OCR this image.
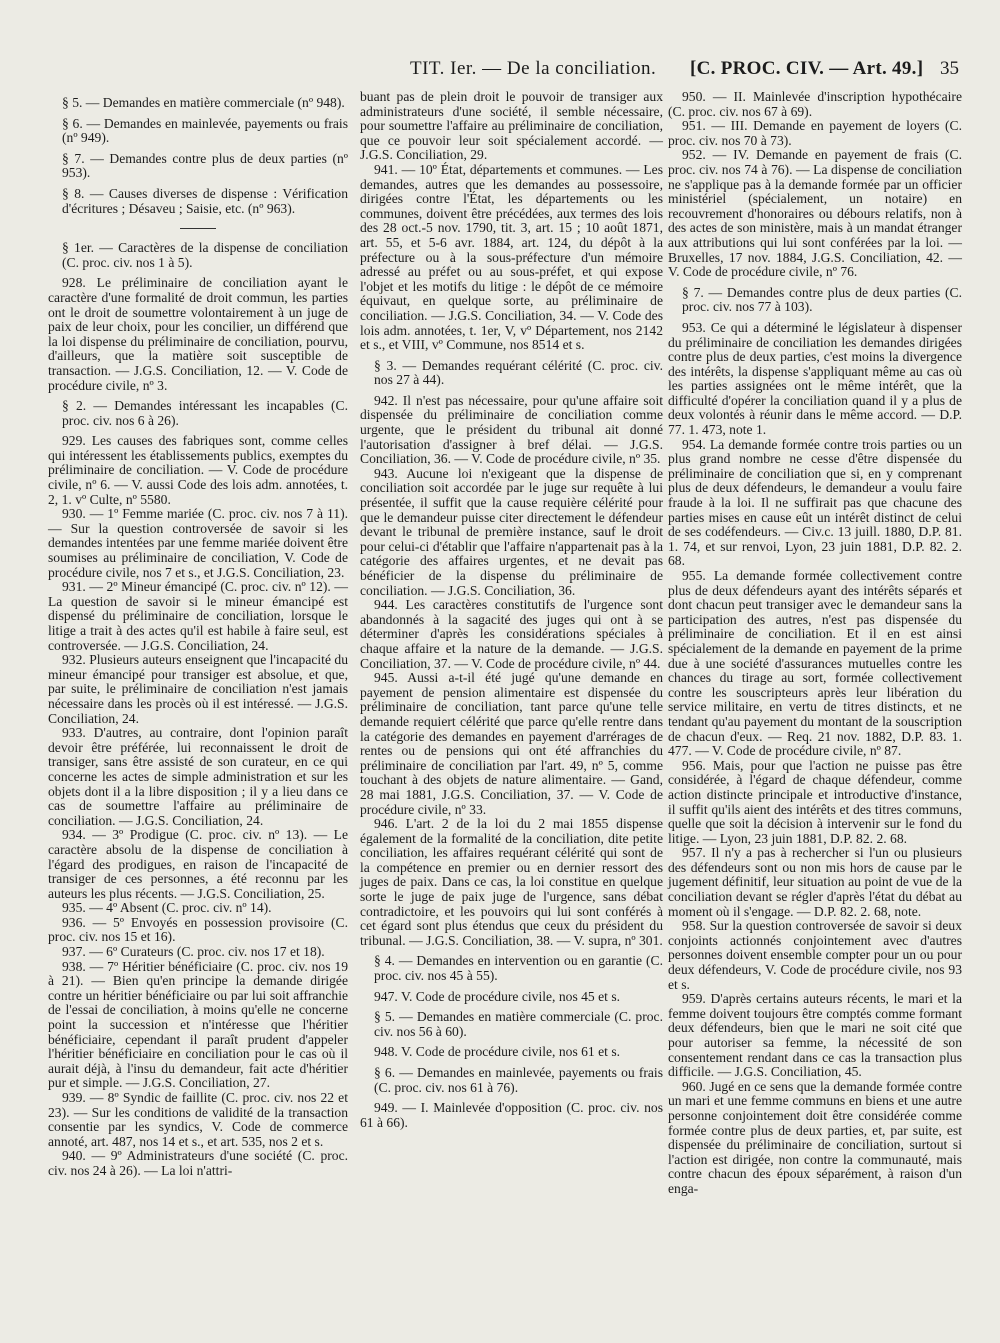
TIT. Ier. — De la conciliation. [C. PROC. CIV. — Art. 49.] 35

§ 5. — Demandes en matière commerciale (nº 948).

§ 6. — Demandes en mainlevée, payements ou frais (nº 949).

§ 7. — Demandes contre plus de deux parties (nº 953).

§ 8. — Causes diverses de dispense : Vérification d'écritures ; Désaveu ; Saisie, etc. (nº 963).

§ 1er. — Caractères de la dispense de conciliation (C. proc. civ. nos 1 à 5).

928. Le préliminaire de conciliation ayant le caractère d'une formalité de droit commun, les parties ont le droit de soumettre volontairement à un juge de paix de leur choix, pour les concilier, un différend que la loi dispense du préliminaire de conciliation, pourvu, d'ailleurs, que la matière soit susceptible de transaction. — J.G.S. Conciliation, 12. — V. Code de procédure civile, nº 3.

§ 2. — Demandes intéressant les incapables (C. proc. civ. nos 6 à 26).

929. Les causes des fabriques sont, comme celles qui intéressent les établissements publics, exemptes du préliminaire de conciliation. — V. Code de procédure civile, nº 6. — V. aussi Code des lois adm. annotées, t. 2, 1. vº Culte, nº 5580.

930. — 1º Femme mariée (C. proc. civ. nos 7 à 11). — Sur la question controversée de savoir si les demandes intentées par une femme mariée doivent être soumises au préliminaire de conciliation, V. Code de procédure civile, nos 7 et s., et J.G.S. Conciliation, 23.

931. — 2º Mineur émancipé (C. proc. civ. nº 12). — La question de savoir si le mineur émancipé est dispensé du préliminaire de conciliation, lorsque le litige a trait à des actes qu'il est habile à faire seul, est controversée. — J.G.S. Conciliation, 24.

932. Plusieurs auteurs enseignent que l'incapacité du mineur émancipé pour transiger est absolue, et que, par suite, le préliminaire de conciliation n'est jamais nécessaire dans les procès où il est intéressé. — J.G.S. Conciliation, 24.

933. D'autres, au contraire, dont l'opinion paraît devoir être préférée, lui reconnaissent le droit de transiger, sans être assisté de son curateur, en ce qui concerne les actes de simple administration et sur les objets dont il a la libre disposition ; il y a lieu dans ce cas de soumettre l'affaire au préliminaire de conciliation. — J.G.S. Conciliation, 24.

934. — 3º Prodigue (C. proc. civ. nº 13). — Le caractère absolu de la dispense de conciliation à l'égard des prodigues, en raison de l'incapacité de transiger de ces personnes, a été reconnu par les auteurs les plus récents. — J.G.S. Conciliation, 25.

935. — 4º Absent (C. proc. civ. nº 14).

936. — 5º Envoyés en possession provisoire (C. proc. civ. nos 15 et 16).

937. — 6º Curateurs (C. proc. civ. nos 17 et 18).

938. — 7º Héritier bénéficiaire (C. proc. civ. nos 19 à 21). — Bien qu'en principe la demande dirigée contre un héritier bénéficiaire ou par lui soit affranchie de l'essai de conciliation, à moins qu'elle ne concerne point la succession et n'intéresse que l'héritier bénéficiaire, cependant il paraît prudent d'appeler l'héritier bénéficiaire en conciliation pour le cas où il aurait déjà, à l'insu du demandeur, fait acte d'héritier pur et simple. — J.G.S. Conciliation, 27.

939. — 8º Syndic de faillite (C. proc. civ. nos 22 et 23). — Sur les conditions de validité de la transaction consentie par les syndics, V. Code de commerce annoté, art. 487, nos 14 et s., et art. 535, nos 2 et s.

940. — 9º Administrateurs d'une société (C. proc. civ. nos 24 à 26). — La loi n'attri-

buant pas de plein droit le pouvoir de transiger aux administrateurs d'une société, il semble nécessaire, pour soumettre l'affaire au préliminaire de conciliation, que ce pouvoir leur soit spécialement accordé. — J.G.S. Conciliation, 29.

941. — 10º État, départements et communes. — Les demandes, autres que les demandes au possessoire, dirigées contre l'État, les départements ou les communes, doivent être précédées, aux termes des lois des 28 oct.-5 nov. 1790, tit. 3, art. 15 ; 10 août 1871, art. 55, et 5-6 avr. 1884, art. 124, du dépôt à la préfecture ou à la sous-préfecture d'un mémoire adressé au préfet ou au sous-préfet, et qui expose l'objet et les motifs du litige : le dépôt de ce mémoire équivaut, en quelque sorte, au préliminaire de conciliation. — J.G.S. Conciliation, 34. — V. Code des lois adm. annotées, t. 1er, V, vº Département, nos 2142 et s., et VIII, vº Commune, nos 8514 et s.

§ 3. — Demandes requérant célérité (C. proc. civ. nos 27 à 44).

942. Il n'est pas nécessaire, pour qu'une affaire soit dispensée du préliminaire de conciliation comme urgente, que le président du tribunal ait donné l'autorisation d'assigner à bref délai. — J.G.S. Conciliation, 36. — V. Code de procédure civile, nº 35.

943. Aucune loi n'exigeant que la dispense de conciliation soit accordée par le juge sur requête à lui présentée, il suffit que la cause requière célérité pour que le demandeur puisse citer directement le défendeur devant le tribunal de première instance, sauf le droit pour celui-ci d'établir que l'affaire n'appartenait pas à la catégorie des affaires urgentes, et ne devait pas bénéficier de la dispense du préliminaire de conciliation. — J.G.S. Conciliation, 36.

944. Les caractères constitutifs de l'urgence sont abandonnés à la sagacité des juges qui ont à se déterminer d'après les considérations spéciales à chaque affaire et la nature de la demande. — J.G.S. Conciliation, 37. — V. Code de procédure civile, nº 44.

945. Aussi a-t-il été jugé qu'une demande en payement de pension alimentaire est dispensée du préliminaire de conciliation, tant parce qu'une telle demande requiert célérité que parce qu'elle rentre dans la catégorie des demandes en payement d'arrérages de rentes ou de pensions qui ont été affranchies du préliminaire de conciliation par l'art. 49, nº 5, comme touchant à des objets de nature alimentaire. — Gand, 28 mai 1881, J.G.S. Conciliation, 37. — V. Code de procédure civile, nº 33.

946. L'art. 2 de la loi du 2 mai 1855 dispense également de la formalité de la conciliation, dite petite conciliation, les affaires requérant célérité qui sont de la compétence en premier ou en dernier ressort des juges de paix. Dans ce cas, la loi constitue en quelque sorte le juge de paix juge de l'urgence, sans débat contradictoire, et les pouvoirs qui lui sont conférés à cet égard sont plus étendus que ceux du président du tribunal. — J.G.S. Conciliation, 38. — V. supra, nº 301.

§ 4. — Demandes en intervention ou en garantie (C. proc. civ. nos 45 à 55).

947. V. Code de procédure civile, nos 45 et s.

§ 5. — Demandes en matière commerciale (C. proc. civ. nos 56 à 60).

948. V. Code de procédure civile, nos 61 et s.

§ 6. — Demandes en mainlevée, payements ou frais (C. proc. civ. nos 61 à 76).

949. — I. Mainlevée d'opposition (C. proc. civ. nos 61 à 66).

950. — II. Mainlevée d'inscription hypothécaire (C. proc. civ. nos 67 à 69).

951. — III. Demande en payement de loyers (C. proc. civ. nos 70 à 73).

952. — IV. Demande en payement de frais (C. proc. civ. nos 74 à 76). — La dispense de conciliation ne s'applique pas à la demande formée par un officier ministériel (spécialement, un notaire) en recouvrement d'honoraires ou débours relatifs, non à des actes de son ministère, mais à un mandat étranger aux attributions qui lui sont conférées par la loi. — Bruxelles, 17 nov. 1884, J.G.S. Conciliation, 42. — V. Code de procédure civile, nº 76.

§ 7. — Demandes contre plus de deux parties (C. proc. civ. nos 77 à 103).

953. Ce qui a déterminé le législateur à dispenser du préliminaire de conciliation les demandes dirigées contre plus de deux parties, c'est moins la divergence des intérêts, la dispense s'appliquant même au cas où les parties assignées ont le même intérêt, que la difficulté d'opérer la conciliation quand il y a plus de deux volontés à réunir dans le même accord. — D.P. 77. 1. 473, note 1.

954. La demande formée contre trois parties ou un plus grand nombre ne cesse d'être dispensée du préliminaire de conciliation que si, en y comprenant plus de deux défendeurs, le demandeur a voulu faire fraude à la loi. Il ne suffirait pas que chacune des parties mises en cause eût un intérêt distinct de celui de ses codéfendeurs. — Civ.c. 13 juill. 1880, D.P. 81. 1. 74, et sur renvoi, Lyon, 23 juin 1881, D.P. 82. 2. 68.

955. La demande formée collectivement contre plus de deux défendeurs ayant des intérêts séparés et dont chacun peut transiger avec le demandeur sans la participation des autres, n'est pas dispensée du préliminaire de conciliation. Et il en est ainsi spécialement de la demande en payement de la prime due à une société d'assurances mutuelles contre les chances du tirage au sort, formée collectivement contre les souscripteurs après leur libération du service militaire, en vertu de titres distincts, et ne tendant qu'au payement du montant de la souscription de chacun d'eux. — Req. 21 nov. 1882, D.P. 83. 1. 477. — V. Code de procédure civile, nº 87.

956. Mais, pour que l'action ne puisse pas être considérée, à l'égard de chaque défendeur, comme action distincte principale et introductive d'instance, il suffit qu'ils aient des intérêts et des titres communs, quelle que soit la décision à intervenir sur le fond du litige. — Lyon, 23 juin 1881, D.P. 82. 2. 68.

957. Il n'y a pas à rechercher si l'un ou plusieurs des défendeurs sont ou non mis hors de cause par le jugement définitif, leur situation au point de vue de la conciliation devant se régler d'après l'état du débat au moment où il s'engage. — D.P. 82. 2. 68, note.

958. Sur la question controversée de savoir si deux conjoints actionnés conjointement avec d'autres personnes doivent ensemble compter pour un ou pour deux défendeurs, V. Code de procédure civile, nos 93 et s.

959. D'après certains auteurs récents, le mari et la femme doivent toujours être comptés comme formant deux défendeurs, bien que le mari ne soit cité que pour autoriser sa femme, la nécessité de son consentement rendant dans ce cas la transaction plus difficile. — J.G.S. Conciliation, 45.

960. Jugé en ce sens que la demande formée contre un mari et une femme communs en biens et une autre personne conjointement doit être considérée comme formée contre plus de deux parties, et, par suite, est dispensée du préliminaire de conciliation, surtout si l'action est dirigée, non contre la communauté, mais contre chacun des époux séparément, à raison d'un enga-
